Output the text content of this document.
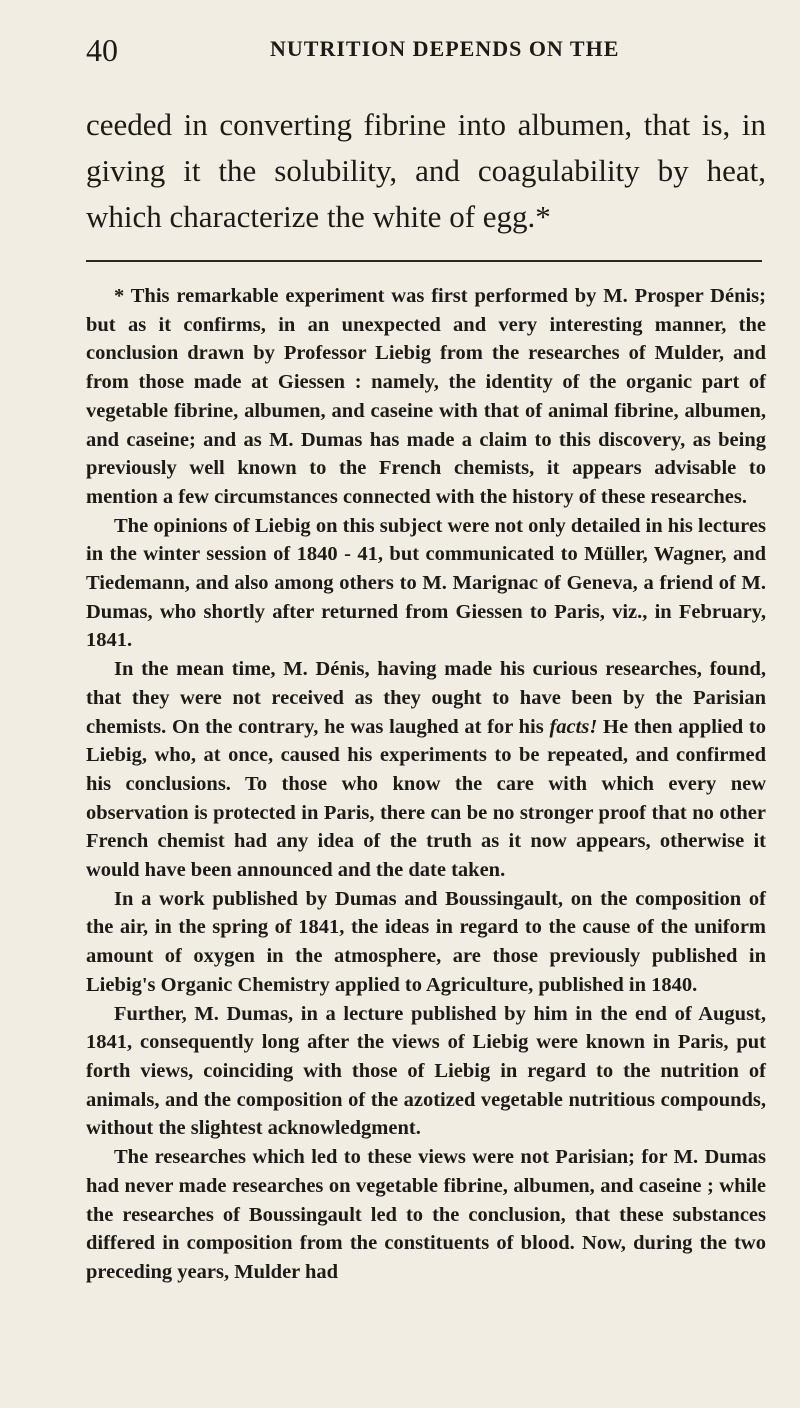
40	NUTRITION DEPENDS ON THE

ceeded in converting fibrine into albumen, that is, in giving it the solubility, and coagulability by heat, which characterize the white of egg.*

* This remarkable experiment was first performed by M. Prosper Dénis; but as it confirms, in an unexpected and very interesting manner, the conclusion drawn by Professor Liebig from the researches of Mulder, and from those made at Giessen : namely, the identity of the organic part of vegetable fibrine, albumen, and caseine with that of animal fibrine, albumen, and caseine; and as M. Dumas has made a claim to this discovery, as being previously well known to the French chemists, it appears advisable to mention a few circumstances connected with the history of these researches.

The opinions of Liebig on this subject were not only detailed in his lectures in the winter session of 1840 - 41, but communicated to Müller, Wagner, and Tiedemann, and also among others to M. Marignac of Geneva, a friend of M. Dumas, who shortly after returned from Giessen to Paris, viz., in February, 1841.

In the mean time, M. Dénis, having made his curious researches, found, that they were not received as they ought to have been by the Parisian chemists. On the contrary, he was laughed at for his facts! He then applied to Liebig, who, at once, caused his experiments to be repeated, and confirmed his conclusions. To those who know the care with which every new observation is protected in Paris, there can be no stronger proof that no other French chemist had any idea of the truth as it now appears, otherwise it would have been announced and the date taken.

In a work published by Dumas and Boussingault, on the composition of the air, in the spring of 1841, the ideas in regard to the cause of the uniform amount of oxygen in the atmosphere, are those previously published in Liebig's Organic Chemistry applied to Agriculture, published in 1840.

Further, M. Dumas, in a lecture published by him in the end of August, 1841, consequently long after the views of Liebig were known in Paris, put forth views, coinciding with those of Liebig in regard to the nutrition of animals, and the composition of the azotized vegetable nutritious compounds, without the slightest acknowledgment.

The researches which led to these views were not Parisian; for M. Dumas had never made researches on vegetable fibrine, albumen, and caseine ; while the researches of Boussingault led to the conclusion, that these substances differed in composition from the constituents of blood. Now, during the two preceding years, Mulder had
